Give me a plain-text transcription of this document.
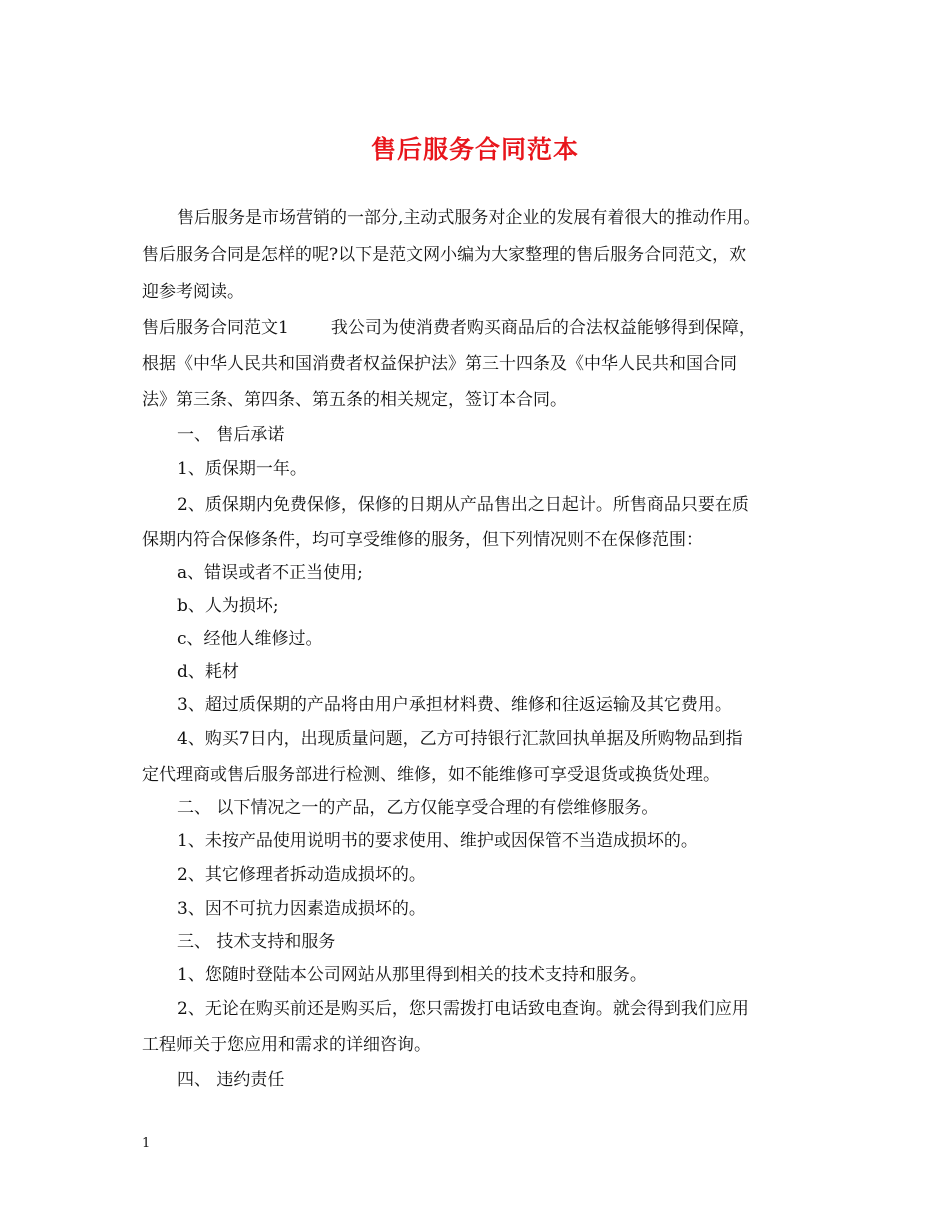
售后服务合同范本
售后服务是市场营销的一部分,主动式服务对企业的发展有着很大的推动作用。
售后服务合同是怎样的呢?以下是范文网小编为大家整理的售后服务合同范文，欢
迎参考阅读。
售后服务合同范文1 我公司为使消费者购买商品后的合法权益能够得到保障，
根据《中华人民共和国消费者权益保护法》第三十四条及《中华人民共和国合同
法》第三条、第四条、第五条的相关规定，签订本合同。
一、 售后承诺
1、质保期一年。
2、质保期内免费保修，保修的日期从产品售出之日起计。所售商品只要在质
保期内符合保修条件，均可享受维修的服务，但下列情况则不在保修范围：
a、错误或者不正当使用;
b、人为损坏;
c、经他人维修过。
d、耗材
3、超过质保期的产品将由用户承担材料费、维修和往返运输及其它费用。
4、购买7日内，出现质量问题，乙方可持银行汇款回执单据及所购物品到指
定代理商或售后服务部进行检测、维修，如不能维修可享受退货或换货处理。
二、 以下情况之一的产品，乙方仅能享受合理的有偿维修服务。
1、未按产品使用说明书的要求使用、维护或因保管不当造成损坏的。
2、其它修理者拆动造成损坏的。
3、因不可抗力因素造成损坏的。
三、 技术支持和服务
1、您随时登陆本公司网站从那里得到相关的技术支持和服务。
2、无论在购买前还是购买后，您只需拨打电话致电查询。就会得到我们应用
工程师关于您应用和需求的详细咨询。
四、 违约责任
1
